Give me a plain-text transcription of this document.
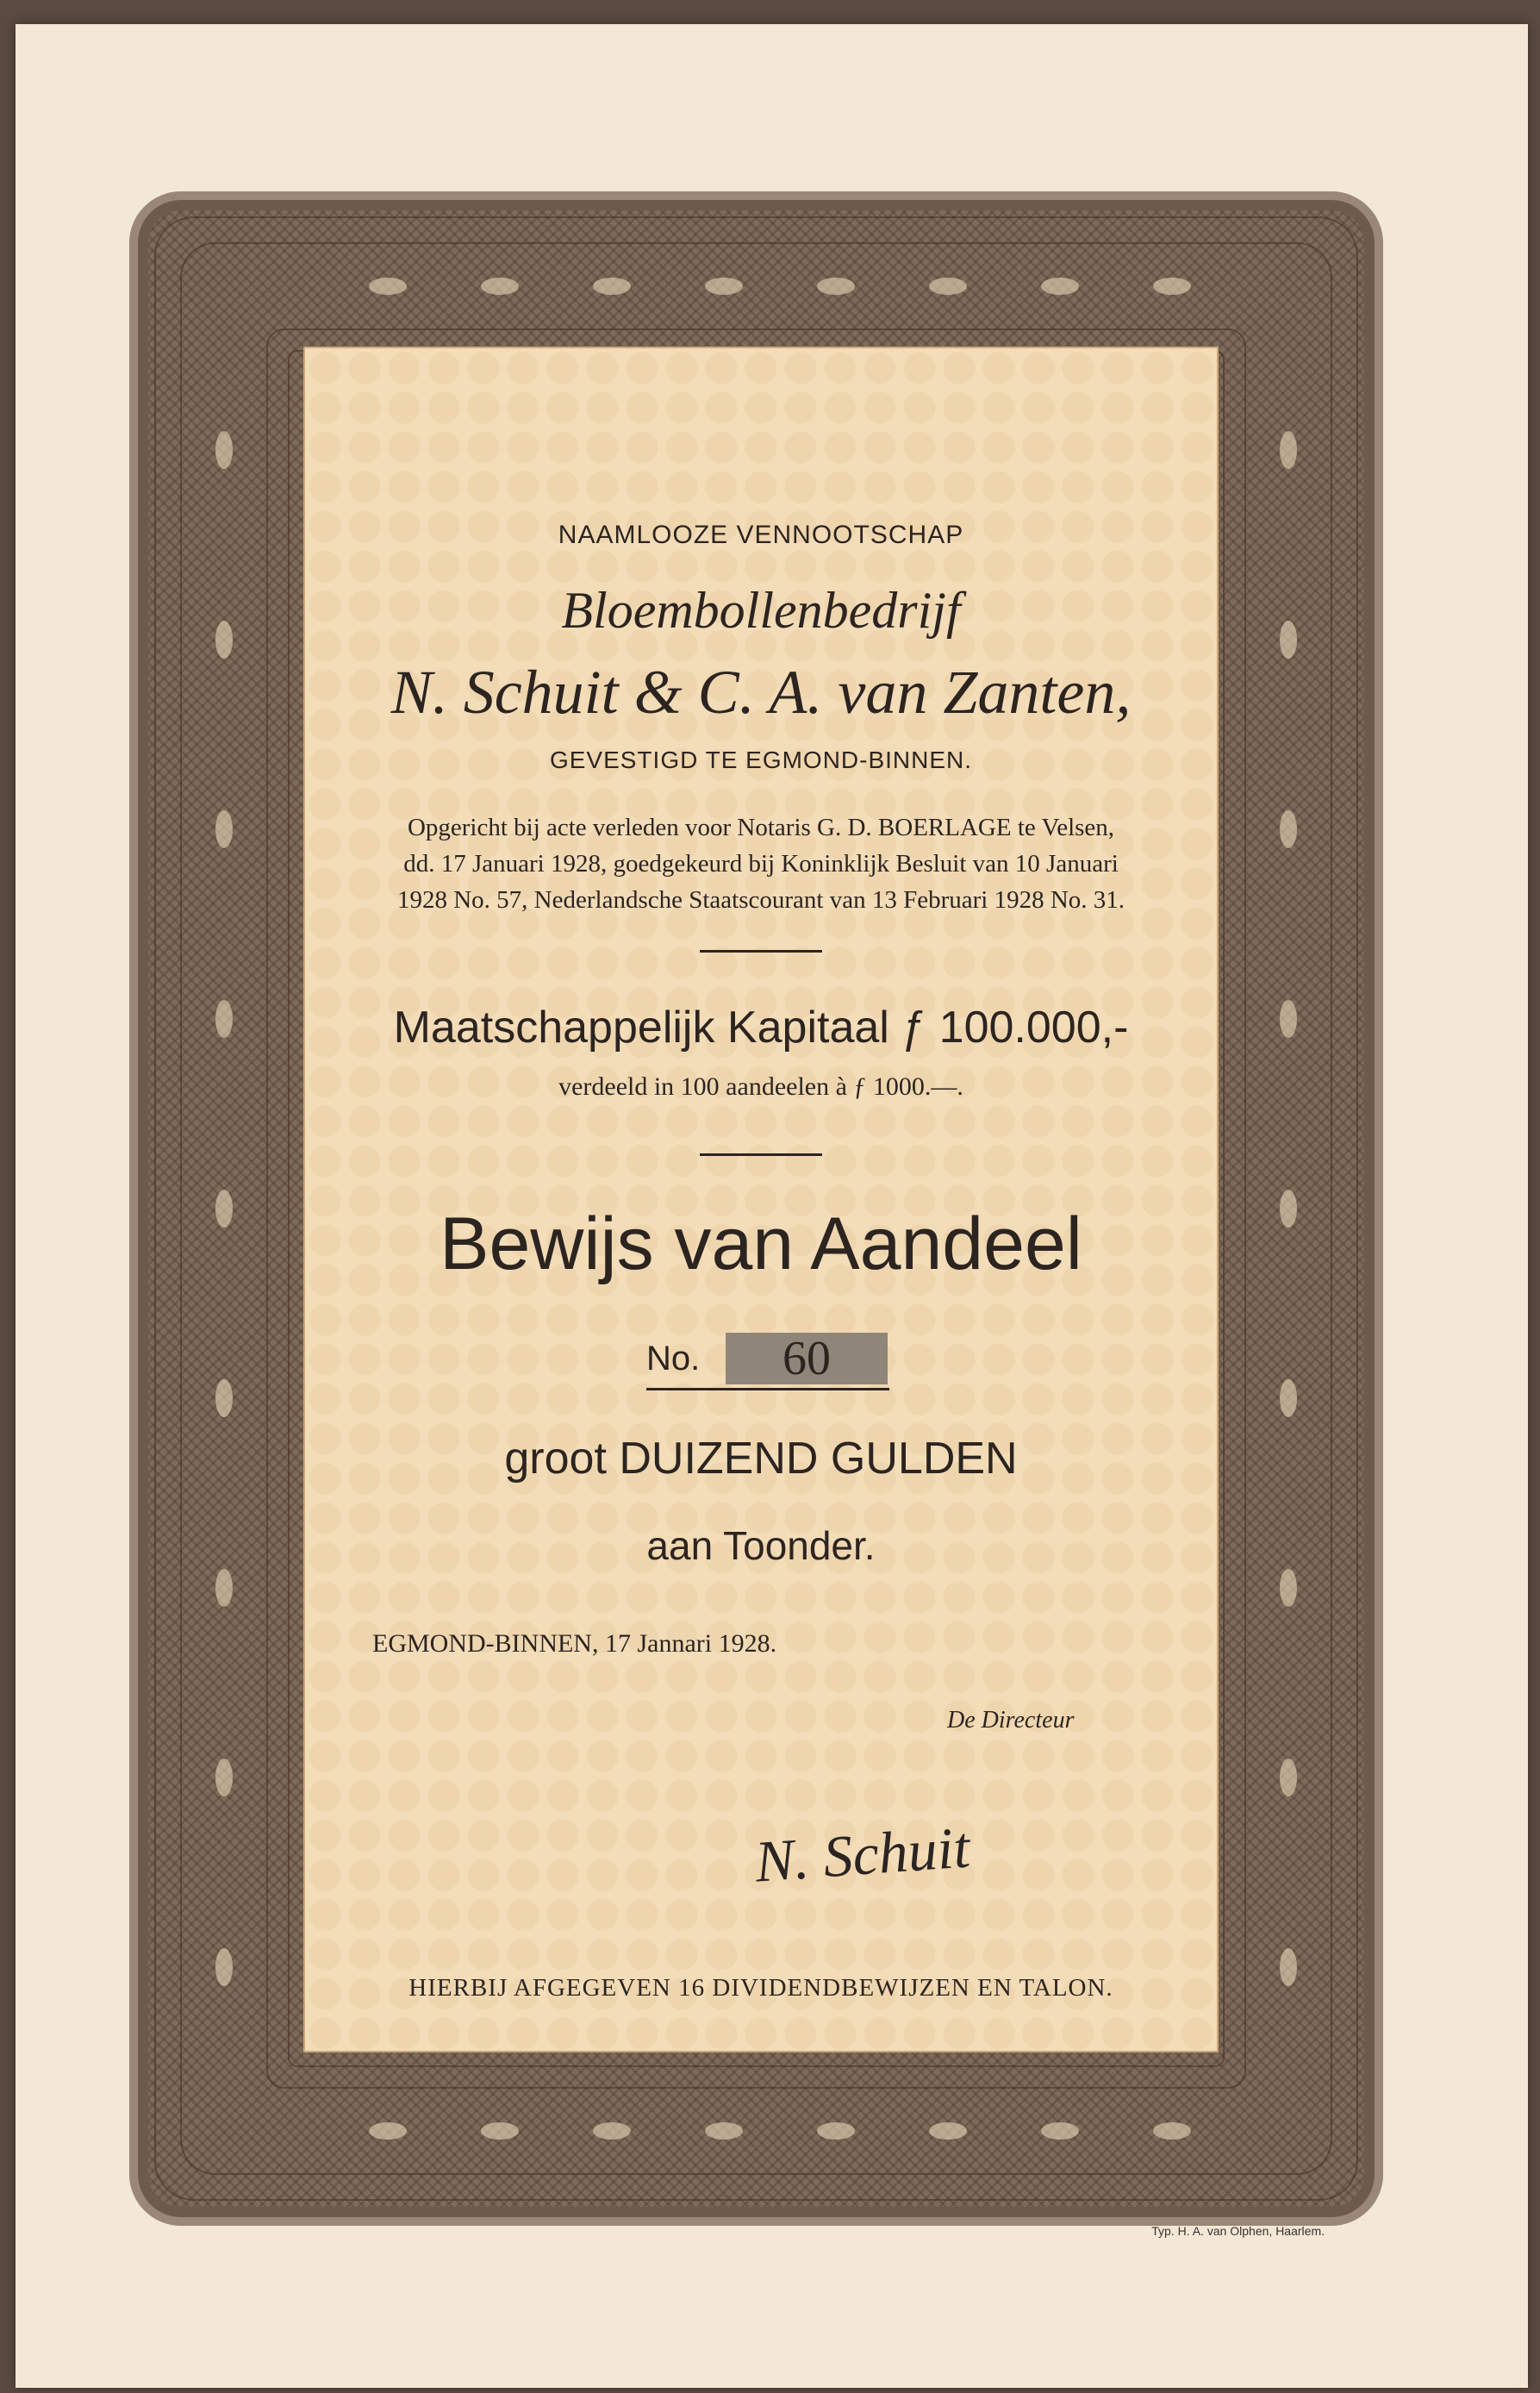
NAAMLOOZE VENNOOTSCHAP

Bloembollenbedrijf

N. Schuit & C. A. van Zanten,

GEVESTIGD TE EGMOND-BINNEN.

Opgericht bij acte verleden voor Notaris G. D. BOERLAGE te Velsen,

dd. 17 Januari 1928, goedgekeurd bij Koninklijk Besluit van 10 Januari

1928 No. 57, Nederlandsche Staatscourant van 13 Februari 1928 No. 31.

Maatschappelijk Kapitaal ƒ 100.000,-

verdeeld in 100 aandeelen à ƒ 1000.—.

Bewijs van Aandeel

No.	60

groot DUIZEND GULDEN

aan Toonder.

EGMOND-BINNEN, 17 Jannari 1928.

De Directeur

N. Schuit

HIERBIJ AFGEGEVEN 16 DIVIDENDBEWIJZEN EN TALON.

Typ. H. A. van Olphen, Haarlem.
